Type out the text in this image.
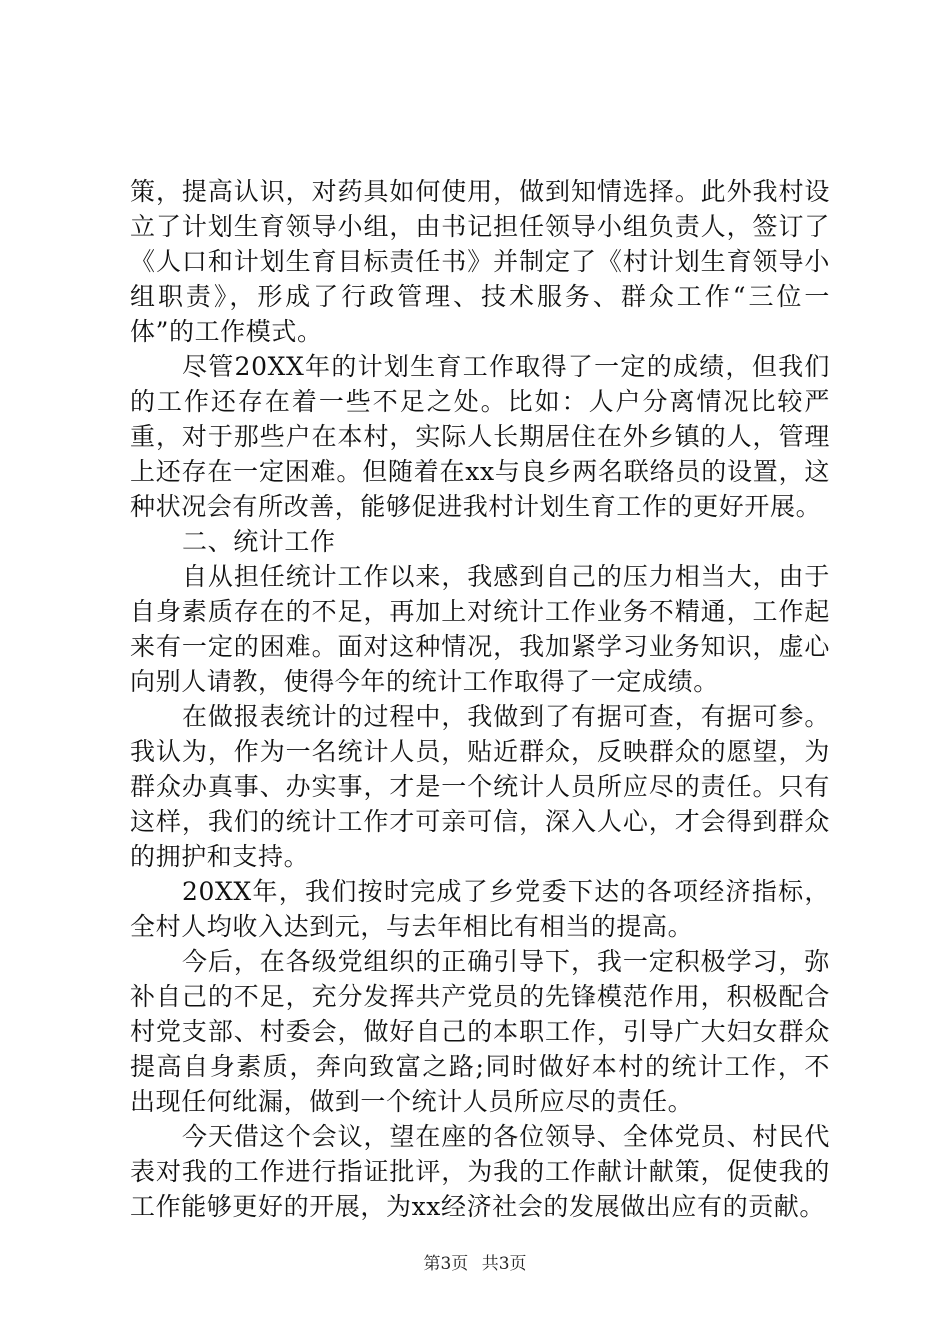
策，提高认识，对药具如何使用，做到知情选择。此外我村设立了计划生育领导小组，由书记担任领导小组负责人，签订了《人口和计划生育目标责任书》并制定了《村计划生育领导小组职责》，形成了行政管理、技术服务、群众工作“三位一体”的工作模式。

尽管20XX年的计划生育工作取得了一定的成绩，但我们的工作还存在着一些不足之处。比如：人户分离情况比较严重，对于那些户在本村，实际人长期居住在外乡镇的人，管理上还存在一定困难。但随着在xx与良乡两名联络员的设置，这种状况会有所改善，能够促进我村计划生育工作的更好开展。

二、统计工作

自从担任统计工作以来，我感到自己的压力相当大，由于自身素质存在的不足，再加上对统计工作业务不精通，工作起来有一定的困难。面对这种情况，我加紧学习业务知识，虚心向别人请教，使得今年的统计工作取得了一定成绩。

在做报表统计的过程中，我做到了有据可查，有据可参。我认为，作为一名统计人员，贴近群众，反映群众的愿望，为群众办真事、办实事，才是一个统计人员所应尽的责任。只有这样，我们的统计工作才可亲可信，深入人心，才会得到群众的拥护和支持。

20XX年，我们按时完成了乡党委下达的各项经济指标，全村人均收入达到元，与去年相比有相当的提高。

今后，在各级党组织的正确引导下，我一定积极学习，弥补自己的不足，充分发挥共产党员的先锋模范作用，积极配合村党支部、村委会，做好自己的本职工作，引导广大妇女群众提高自身素质，奔向致富之路;同时做好本村的统计工作，不出现任何纰漏，做到一个统计人员所应尽的责任。

今天借这个会议，望在座的各位领导、全体党员、村民代表对我的工作进行指证批评，为我的工作献计献策，促使我的工作能够更好的开展，为xx经济社会的发展做出应有的贡献。

第3页 共3页
